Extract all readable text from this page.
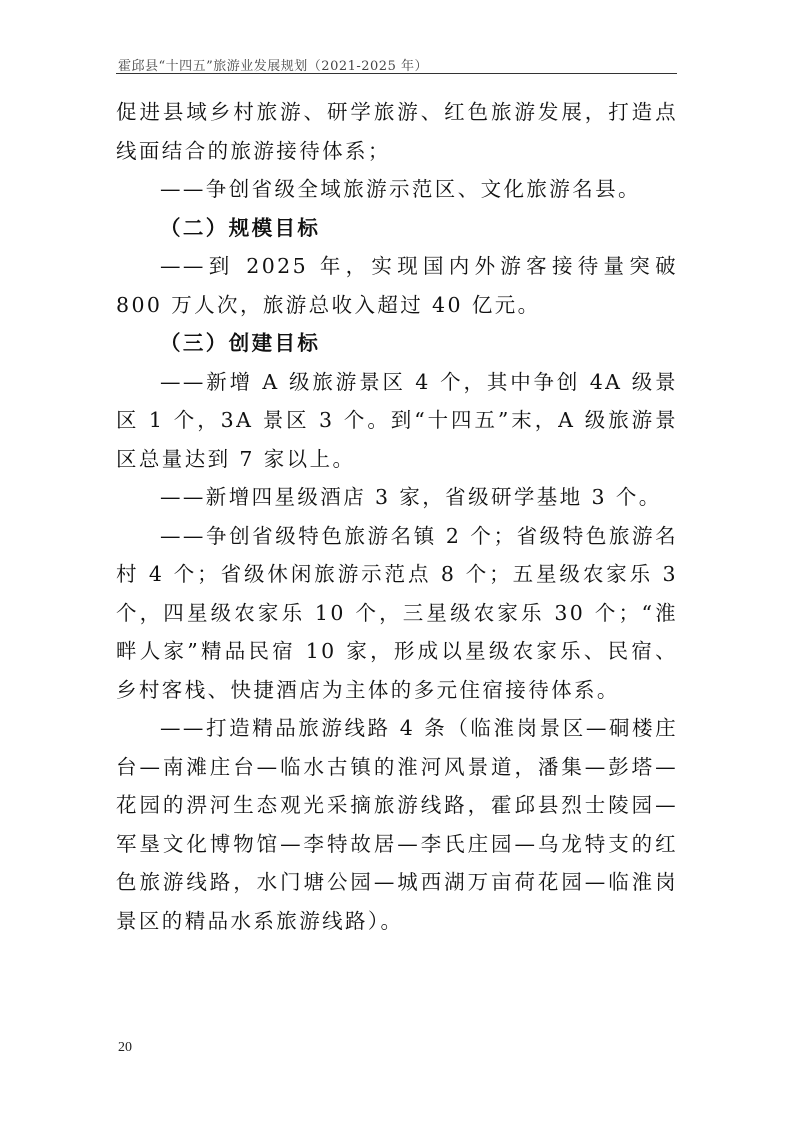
霍邱县“十四五”旅游业发展规划（2021-2025 年）

促进县域乡村旅游、研学旅游、红色旅游发展，打造点线面结合的旅游接待体系；

——争创省级全域旅游示范区、文化旅游名县。

（二）规模目标

——到 2025 年，实现国内外游客接待量突破 800 万人次，旅游总收入超过 40 亿元。

（三）创建目标

——新增 A 级旅游景区 4 个，其中争创 4A 级景区 1 个，3A 景区 3 个。到“十四五”末，A 级旅游景区总量达到 7 家以上。

——新增四星级酒店 3 家，省级研学基地 3 个。

——争创省级特色旅游名镇 2 个；省级特色旅游名村 4 个；省级休闲旅游示范点 8 个；五星级农家乐 3 个，四星级农家乐 10 个，三星级农家乐 30 个；“淮畔人家”精品民宿 10 家，形成以星级农家乐、民宿、乡村客栈、快捷酒店为主体的多元住宿接待体系。

——打造精品旅游线路 4 条（临淮岗景区—硐楼庄台—南滩庄台—临水古镇的淮河风景道，潘集—彭塔—花园的淠河生态观光采摘旅游线路，霍邱县烈士陵园—军垦文化博物馆—李特故居—李氏庄园—乌龙特支的红色旅游线路，水门塘公园—城西湖万亩荷花园—临淮岗景区的精品水系旅游线路）。

20
